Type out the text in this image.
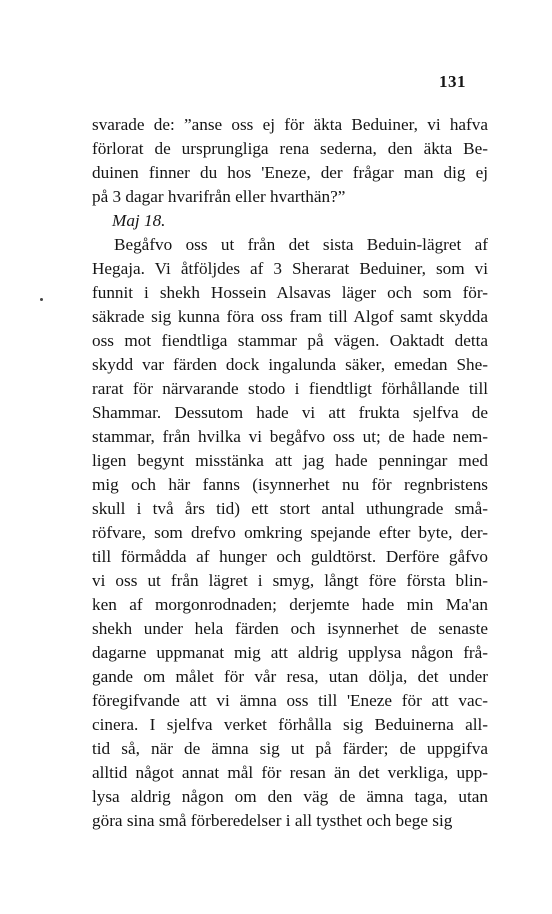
131
svarade de: ”anse oss ej för äkta Beduiner, vi hafva
förlorat de ursprungliga rena sederna, den äkta Be-
duinen finner du hos 'Eneze, der frågar man dig ej
på 3 dagar hvarifrån eller hvarthän?”
Maj 18.
Begåfvo oss ut från det sista Beduin-lägret af
Hegaja. Vi åtföljdes af 3 Sherarat Beduiner, som vi
funnit i shekh Hossein Alsavas läger och som för-
säkrade sig kunna föra oss fram till Algof samt skydda
oss mot fiendtliga stammar på vägen. Oaktadt detta
skydd var färden dock ingalunda säker, emedan She-
rarat för närvarande stodo i fiendtligt förhållande till
Shammar. Dessutom hade vi att frukta sjelfva de
stammar, från hvilka vi begåfvo oss ut; de hade nem-
ligen begynt misstänka att jag hade penningar med
mig och här fanns (isynnerhet nu för regnbristens
skull i två års tid) ett stort antal uthungrade små-
röfvare, som drefvo omkring spejande efter byte, der-
till förmådda af hunger och guldtörst. Derföre gåfvo
vi oss ut från lägret i smyg, långt före första blin-
ken af morgonrodnaden; derjemte hade min Ma'an
shekh under hela färden och isynnerhet de senaste
dagarne uppmanat mig att aldrig upplysa någon frå-
gande om målet för vår resa, utan dölja, det under
föregifvande att vi ämna oss till 'Eneze för att vac-
cinera. I sjelfva verket förhålla sig Beduinerna all-
tid så, när de ämna sig ut på färder; de uppgifva
alltid något annat mål för resan än det verkliga, upp-
lysa aldrig någon om den väg de ämna taga, utan
göra sina små förberedelser i all tysthet och bege sig
